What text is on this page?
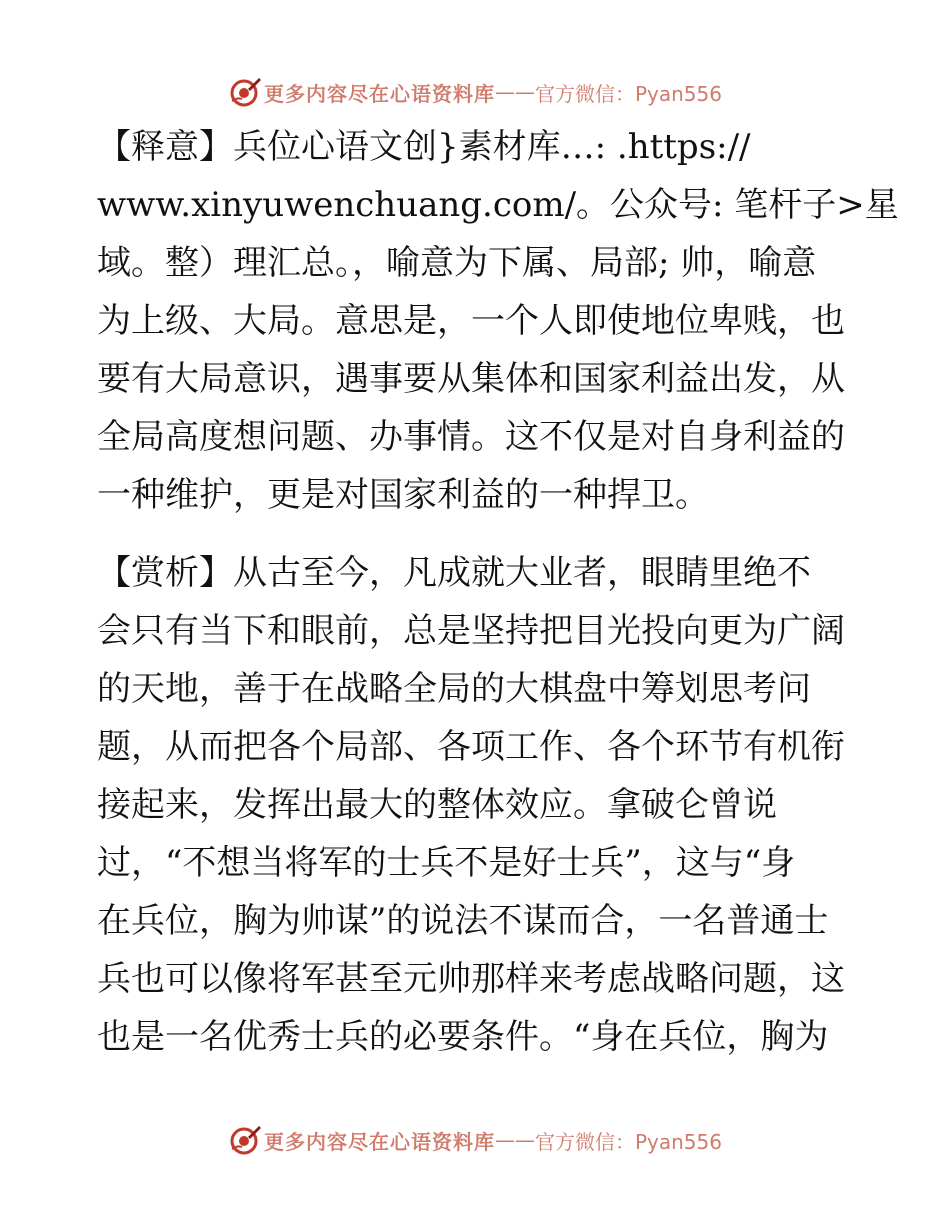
更多内容尽在心语资料库 —— 官方微信：Pyan556
【释意】兵位心语文创}素材库…: .https://
www.xinyuwenchuang.com/。公众号: 笔杆子>星
域。整）理汇总。，喻意为下属、局部; 帅，喻意
为上级、大局。意思是，一个人即使地位卑贱，也
要有大局意识，遇事要从集体和国家利益出发，从
全局高度想问题、办事情。这不仅是对自身利益的
一种维护，更是对国家利益的一种捍卫。
【赏析】从古至今，凡成就大业者，眼睛里绝不
会只有当下和眼前，总是坚持把目光投向更为广阔
的天地，善于在战略全局的大棋盘中筹划思考问
题，从而把各个局部、各项工作、各个环节有机衔
接起来，发挥出最大的整体效应。拿破仑曾说
过，“不想当将军的士兵不是好士兵”，这与“身
在兵位，胸为帅谋”的说法不谋而合，一名普通士
兵也可以像将军甚至元帅那样来考虑战略问题，这
也是一名优秀士兵的必要条件。“身在兵位，胸为
更多内容尽在心语资料库 —— 官方微信：Pyan556
